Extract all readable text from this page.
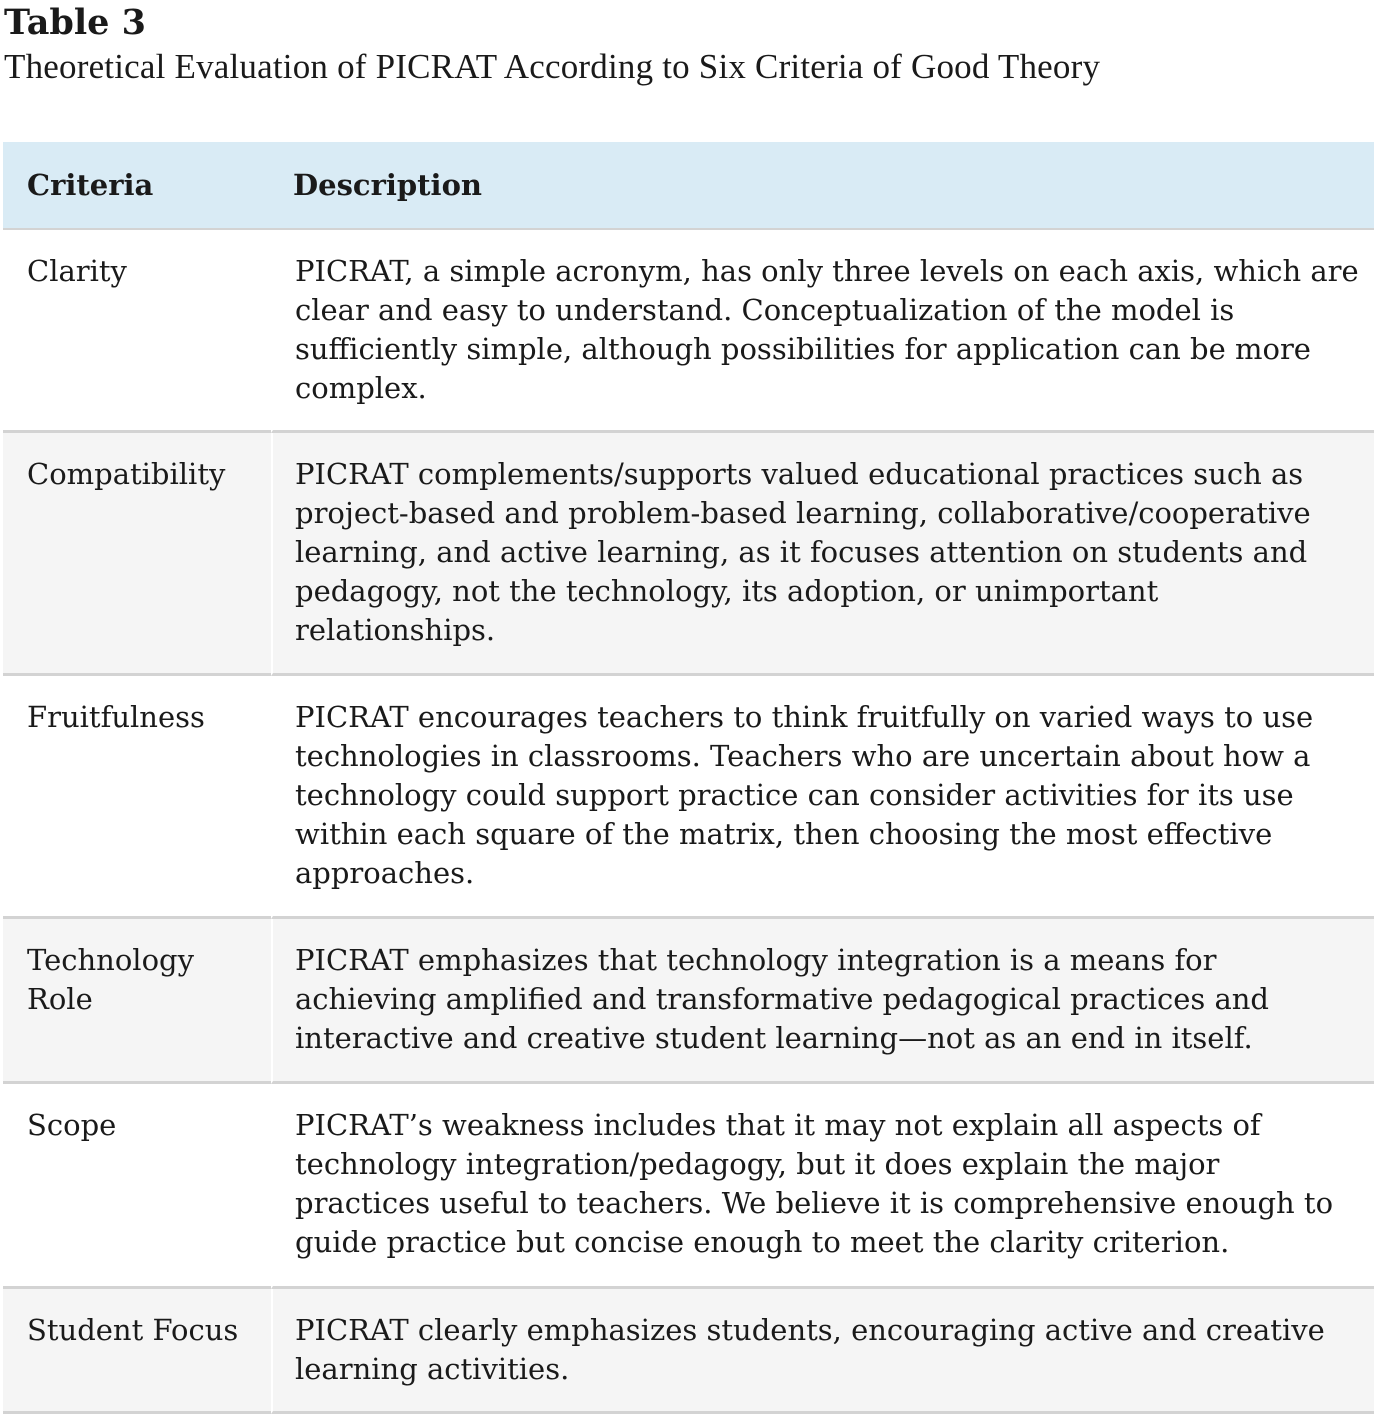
Table 3

Theoretical Evaluation of PICRAT According to Six Criteria of Good Theory

Criteria	Description
Clarity	PICRAT, a simple acronym, has only three levels on each axis, which are clear and easy to understand. Conceptualization of the model is sufficiently simple, although possibilities for application can be more complex.
Compatibility	PICRAT complements/supports valued educational practices such as project-based and problem-based learning, collaborative/cooperative learning, and active learning, as it focuses attention on students and pedagogy, not the technology, its adoption, or unimportant relationships.
Fruitfulness	PICRAT encourages teachers to think fruitfully on varied ways to use technologies in classrooms. Teachers who are uncertain about how a technology could support practice can consider activities for its use within each square of the matrix, then choosing the most effective approaches.
Technology Role	PICRAT emphasizes that technology integration is a means for achieving amplified and transformative pedagogical practices and interactive and creative student learning—not as an end in itself.
Scope	PICRAT’s weakness includes that it may not explain all aspects of technology integration/pedagogy, but it does explain the major practices useful to teachers. We believe it is comprehensive enough to guide practice but concise enough to meet the clarity criterion.
Student Focus	PICRAT clearly emphasizes students, encouraging active and creative learning activities.
